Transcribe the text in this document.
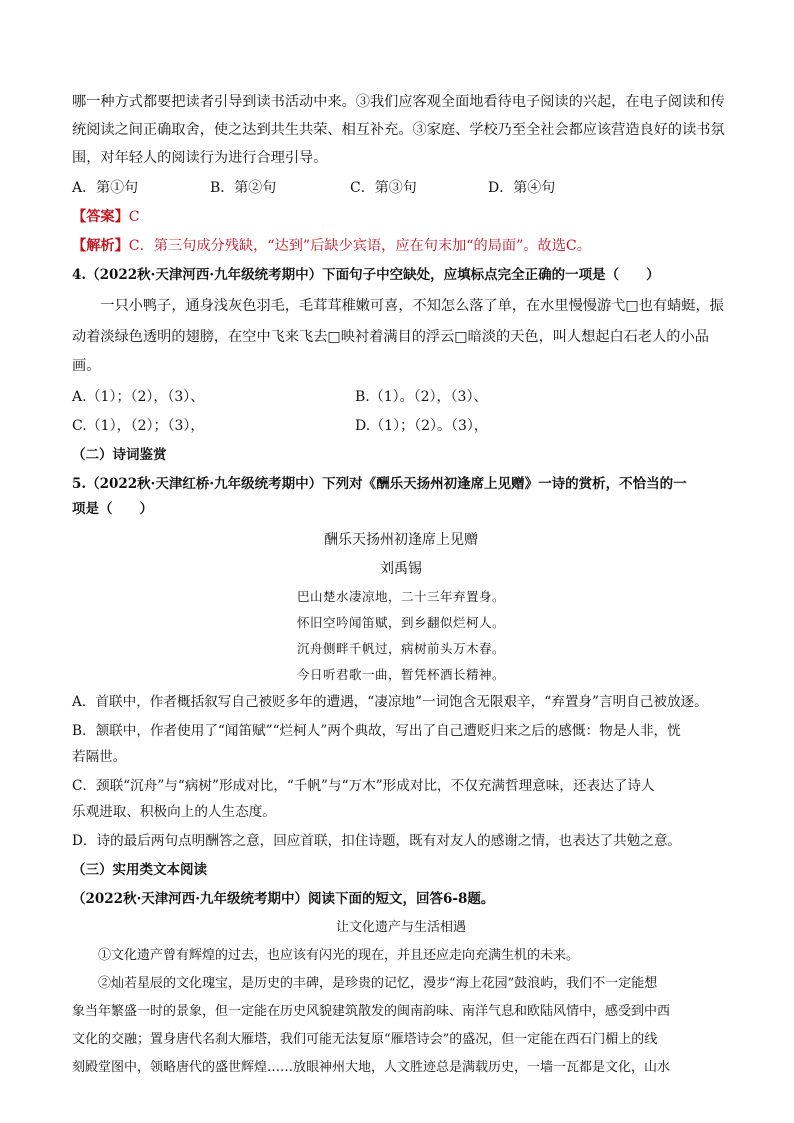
哪一种方式都要把读者引导到读书活动中来。③我们应客观全面地看待电子阅读的兴起，在电子阅读和传
统阅读之间正确取舍，使之达到共生共荣、相互补充。③家庭、学校乃至全社会都应该营造良好的读书氛
围，对年轻人的阅读行为进行合理引导。
A．第①句	B．第②句	C．第③句	D．第④句
【答案】C
【解析】C．第三句成分残缺，“达到”后缺少宾语，应在句末加“的局面”。故选C。
4.（2022秋·天津河西·九年级统考期中）下面句子中空缺处，应填标点完全正确的一项是（　　）
一只小鸭子，通身浅灰色羽毛，毛茸茸稚嫩可喜，不知怎么落了单，在水里慢慢游弋□也有蜻蜓，振
动着淡绿色透明的翅膀，在空中飞来飞去□映衬着满目的浮云□暗淡的天色，叫人想起白石老人的小品画。
A.（1）；（2），（3）、	B.（1）。（2），（3）、
C.（1），（2）；（3），	D.（1）；（2）。（3），
（二）诗词鉴赏
5.（2022秋·天津红桥·九年级统考期中）下列对《酬乐天扬州初逢席上见赠》一诗的赏析，不恰当的一
项是（　　）
酬乐天扬州初逢席上见赠
刘禹锡
巴山楚水凄凉地，二十三年弃置身。
怀旧空吟闻笛赋，到乡翻似烂柯人。
沉舟侧畔千帆过，病树前头万木春。
今日听君歌一曲，暂凭杯酒长精神。
A．首联中，作者概括叙写自己被贬多年的遭遇，“凄凉地”一词饱含无限艰辛，“弃置身”言明自己被放逐。
B．颔联中，作者使用了“闻笛赋”“烂柯人”两个典故，写出了自己遭贬归来之后的感慨：物是人非，恍
若隔世。
C．颈联“沉舟”与“病树”形成对比，“千帆”与“万木”形成对比，不仅充满哲理意味，还表达了诗人
乐观进取、积极向上的人生态度。
D．诗的最后两句点明酬答之意，回应首联，扣住诗题，既有对友人的感谢之情，也表达了共勉之意。
（三）实用类文本阅读
（2022秋·天津河西·九年级统考期中）阅读下面的短文，回答6-8题。
让文化遗产与生活相遇
①文化遗产曾有辉煌的过去，也应该有闪光的现在，并且还应走向充满生机的未来。
②灿若星辰的文化瑰宝，是历史的丰碑，是珍贵的记忆，漫步“海上花园”鼓浪屿，我们不一定能想
象当年繁盛一时的景象，但一定能在历史风貌建筑散发的闽南韵味、南洋气息和欧陆风情中，感受到中西
文化的交融；置身唐代名刹大雁塔，我们可能无法复原“雁塔诗会”的盛况，但一定能在西石门楣上的线
刻殿堂图中，领略唐代的盛世辉煌……放眼神州大地，人文胜迹总是满载历史，一墙一瓦都是文化，山水
